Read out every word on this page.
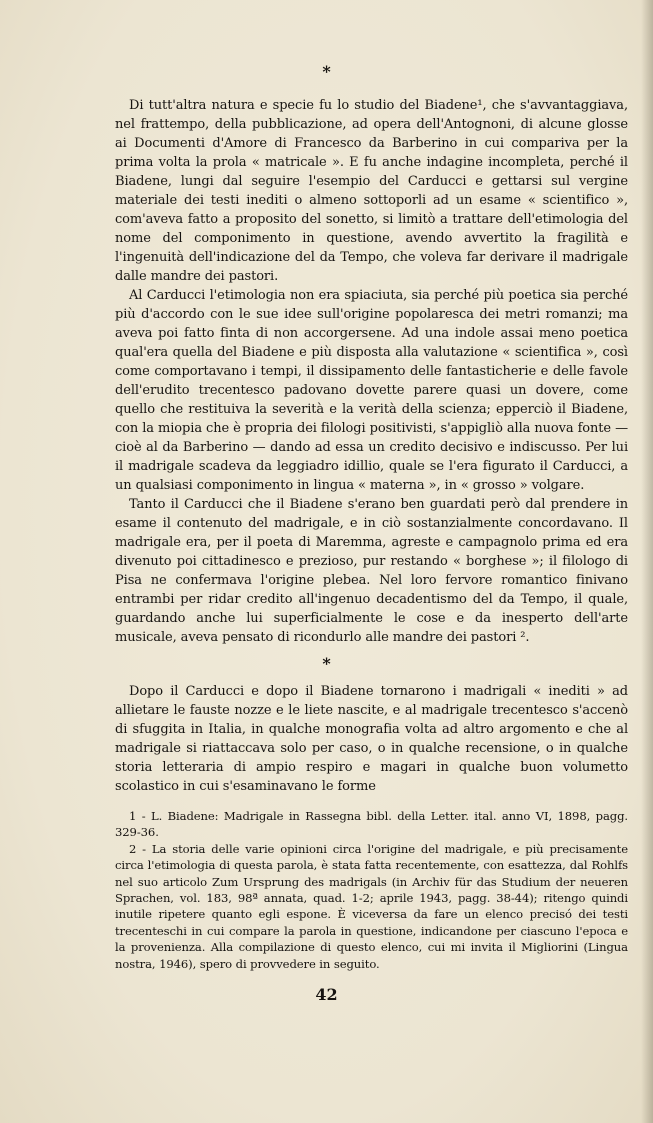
*

Di tutt'altra natura e specie fu lo studio del Biadene¹, che s'avvantaggiava, nel frattempo, della pubblicazione, ad opera dell'Antognoni, di alcune glosse ai Documenti d'Amore di Francesco da Barberino in cui compariva per la prima volta la prola « matricale ». E fu anche indagine incompleta, perché il Biadene, lungi dal seguire l'esempio del Carducci e gettarsi sul vergine materiale dei testi inediti o almeno sottoporli ad un esame « scientifico », com'aveva fatto a proposito del sonetto, si limitò a trattare dell'etimologia del nome del componimento in questione, avendo avvertito la fragilità e l'ingenuità dell'indicazione del da Tempo, che voleva far derivare il madrigale dalle mandre dei pastori.

Al Carducci l'etimologia non era spiaciuta, sia perché più poetica sia perché più d'accordo con le sue idee sull'origine popolaresca dei metri romanzi; ma aveva poi fatto finta di non accorgersene. Ad una indole assai meno poetica qual'era quella del Biadene e più disposta alla valutazione « scientifica », così come comportavano i tempi, il dissipamento delle fantasticherie e delle favole dell'erudito trecentesco padovano dovette parere quasi un dovere, come quello che restituiva la severità e la verità della scienza; epperciò il Biadene, con la miopia che è propria dei filologi positivisti, s'appigliò alla nuova fonte — cioè al da Barberino — dando ad essa un credito decisivo e indiscusso. Per lui il madrigale scadeva da leggiadro idillio, quale se l'era figurato il Carducci, a un qualsiasi componimento in lingua « materna », in « grosso » volgare.

Tanto il Carducci che il Biadene s'erano ben guardati però dal prendere in esame il contenuto del madrigale, e in ciò sostanzialmente concordavano. Il madrigale era, per il poeta di Maremma, agreste e campagnolo prima ed era divenuto poi cittadinesco e prezioso, pur restando « borghese »; il filologo di Pisa ne confermava l'origine plebea. Nel loro fervore romantico finivano entrambi per ridar credito all'ingenuo decadentismo del da Tempo, il quale, guardando anche lui superficialmente le cose e da inesperto dell'arte musicale, aveva pensato di ricondurlo alle mandre dei pastori ².

*

Dopo il Carducci e dopo il Biadene tornarono i madrigali « inediti » ad allietare le fauste nozze e le liete nascite, e al madrigale trecentesco s'accenò di sfuggita in Italia, in qualche monografia volta ad altro argomento e che al madrigale si riattaccava solo per caso, o in qualche recensione, o in qualche storia letteraria di ampio respiro e magari in qualche buon volumetto scolastico in cui s'esaminavano le forme

1 - L. Biadene: Madrigale in Rassegna bibl. della Letter. ital. anno VI, 1898, pagg. 329-36.

2 - La storia delle varie opinioni circa l'origine del madrigale, e più precisamente circa l'etimologia di questa parola, è stata fatta recentemente, con esattezza, dal Rohlfs nel suo articolo Zum Ursprung des madrigals (in Archiv für das Studium der neueren Sprachen, vol. 183, 98ª annata, quad. 1-2; aprile 1943, pagg. 38-44); ritengo quindi inutile ripetere quanto egli espone. È viceversa da fare un elenco precisó dei testi trecenteschi in cui compare la parola in questione, indicandone per ciascuno l'epoca e la provenienza. Alla compilazione di questo elenco, cui mi invita il Migliorini (Lingua nostra, 1946), spero di provvedere in seguito.

42
